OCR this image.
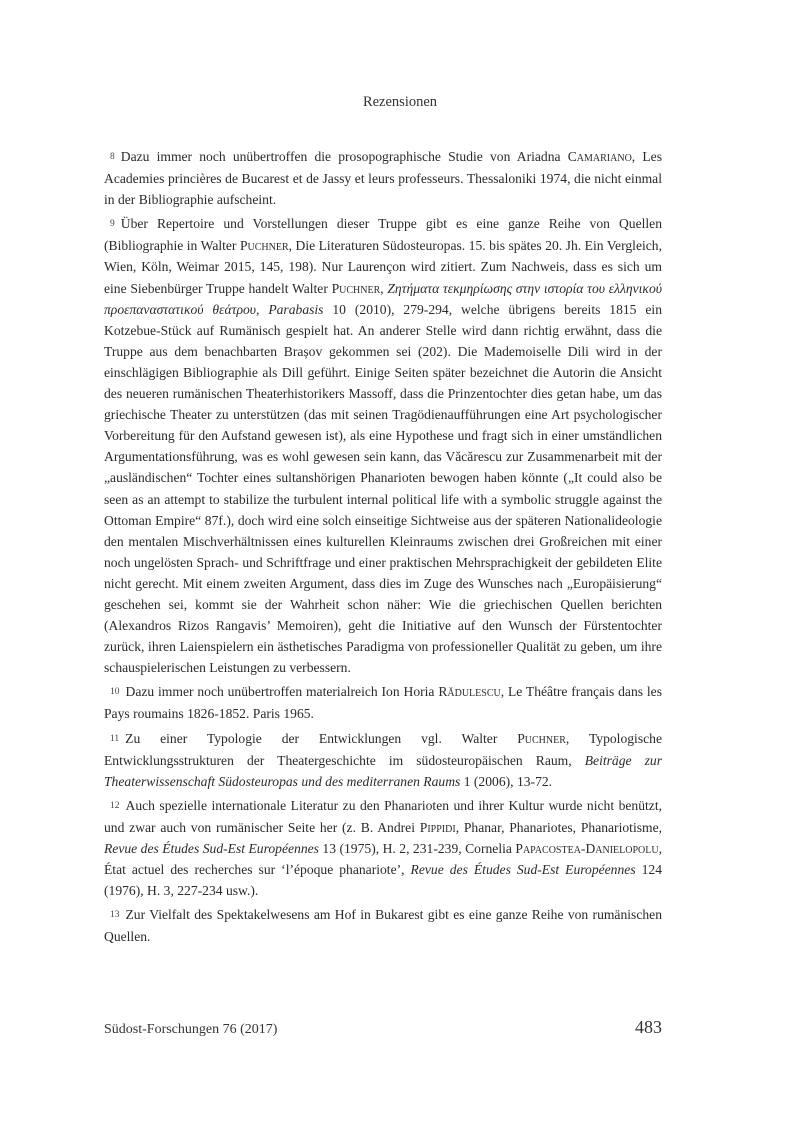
Rezensionen

8 Dazu immer noch unübertroffen die prosopographische Studie von Ariadna Camariano, Les Academies princières de Bucarest et de Jassy et leurs professeurs. Thessaloniki 1974, die nicht einmal in der Bibliographie aufscheint.

9 Über Repertoire und Vorstellungen dieser Truppe gibt es eine ganze Reihe von Quellen (Bibliographie in Walter Puchner, Die Literaturen Südosteuropas. 15. bis spätes 20. Jh. Ein Vergleich, Wien, Köln, Weimar 2015, 145, 198). Nur Laurençon wird zitiert. Zum Nachweis, dass es sich um eine Siebenbürger Truppe handelt Walter Puchner, Ζητήματα τεκμηρίωσης στην ιστορία του ελληνικού προεπαναστατικού θεάτρου, Parabasis 10 (2010), 279-294, welche übrigens bereits 1815 ein Kotzebue-Stück auf Rumänisch gespielt hat. An anderer Stelle wird dann richtig erwähnt, dass die Truppe aus dem benachbarten Brașov gekommen sei (202). Die Mademoiselle Dili wird in der einschlägigen Bibliographie als Dill geführt. Einige Seiten später bezeichnet die Autorin die Ansicht des neueren rumänischen Theaterhistorikers Massoff, dass die Prinzentochter dies getan habe, um das griechische Theater zu unterstützen (das mit seinen Tragödienaufführungen eine Art psychologischer Vorbereitung für den Aufstand gewesen ist), als eine Hypothese und fragt sich in einer umständlichen Argumentationsführung, was es wohl gewesen sein kann, das Văcărescu zur Zusammenarbeit mit der „ausländischen“ Tochter eines sultanshörigen Phanarioten bewogen haben könnte („It could also be seen as an attempt to stabilize the turbulent internal political life with a symbolic struggle against the Ottoman Empire“ 87f.), doch wird eine solch einseitige Sichtweise aus der späteren Nationalideologie den mentalen Mischverhältnissen eines kulturellen Kleinraums zwischen drei Großreichen mit einer noch ungelösten Sprach- und Schriftfrage und einer praktischen Mehrsprachigkeit der gebildeten Elite nicht gerecht. Mit einem zweiten Argument, dass dies im Zuge des Wunsches nach „Europäisierung“ geschehen sei, kommt sie der Wahrheit schon näher: Wie die griechischen Quellen berichten (Alexandros Rizos Rangavis’ Memoiren), geht die Initiative auf den Wunsch der Fürstentochter zurück, ihren Laienspielern ein ästhetisches Paradigma von professioneller Qualität zu geben, um ihre schauspielerischen Leistungen zu verbessern.

10 Dazu immer noch unübertroffen materialreich Ion Horia Rădulescu, Le Théâtre français dans les Pays roumains 1826-1852. Paris 1965.

11 Zu einer Typologie der Entwicklungen vgl. Walter Puchner, Typologische Entwicklungsstrukturen der Theatergeschichte im südosteuropäischen Raum, Beiträge zur Theaterwissenschaft Südosteuropas und des mediterranen Raums 1 (2006), 13-72.

12 Auch spezielle internationale Literatur zu den Phanarioten und ihrer Kultur wurde nicht benützt, und zwar auch von rumänischer Seite her (z. B. Andrei Pippidi, Phanar, Phanariotes, Phanariotisme, Revue des Études Sud-Est Européennes 13 (1975), H. 2, 231-239, Cornelia Papacostea-Danielopolu, État actuel des recherches sur ‘l’époque phanariote’, Revue des Études Sud-Est Européennes 124 (1976), H. 3, 227-234 usw.).

13 Zur Vielfalt des Spektakelwesens am Hof in Bukarest gibt es eine ganze Reihe von rumänischen Quellen.

Südost-Forschungen 76 (2017)	483
